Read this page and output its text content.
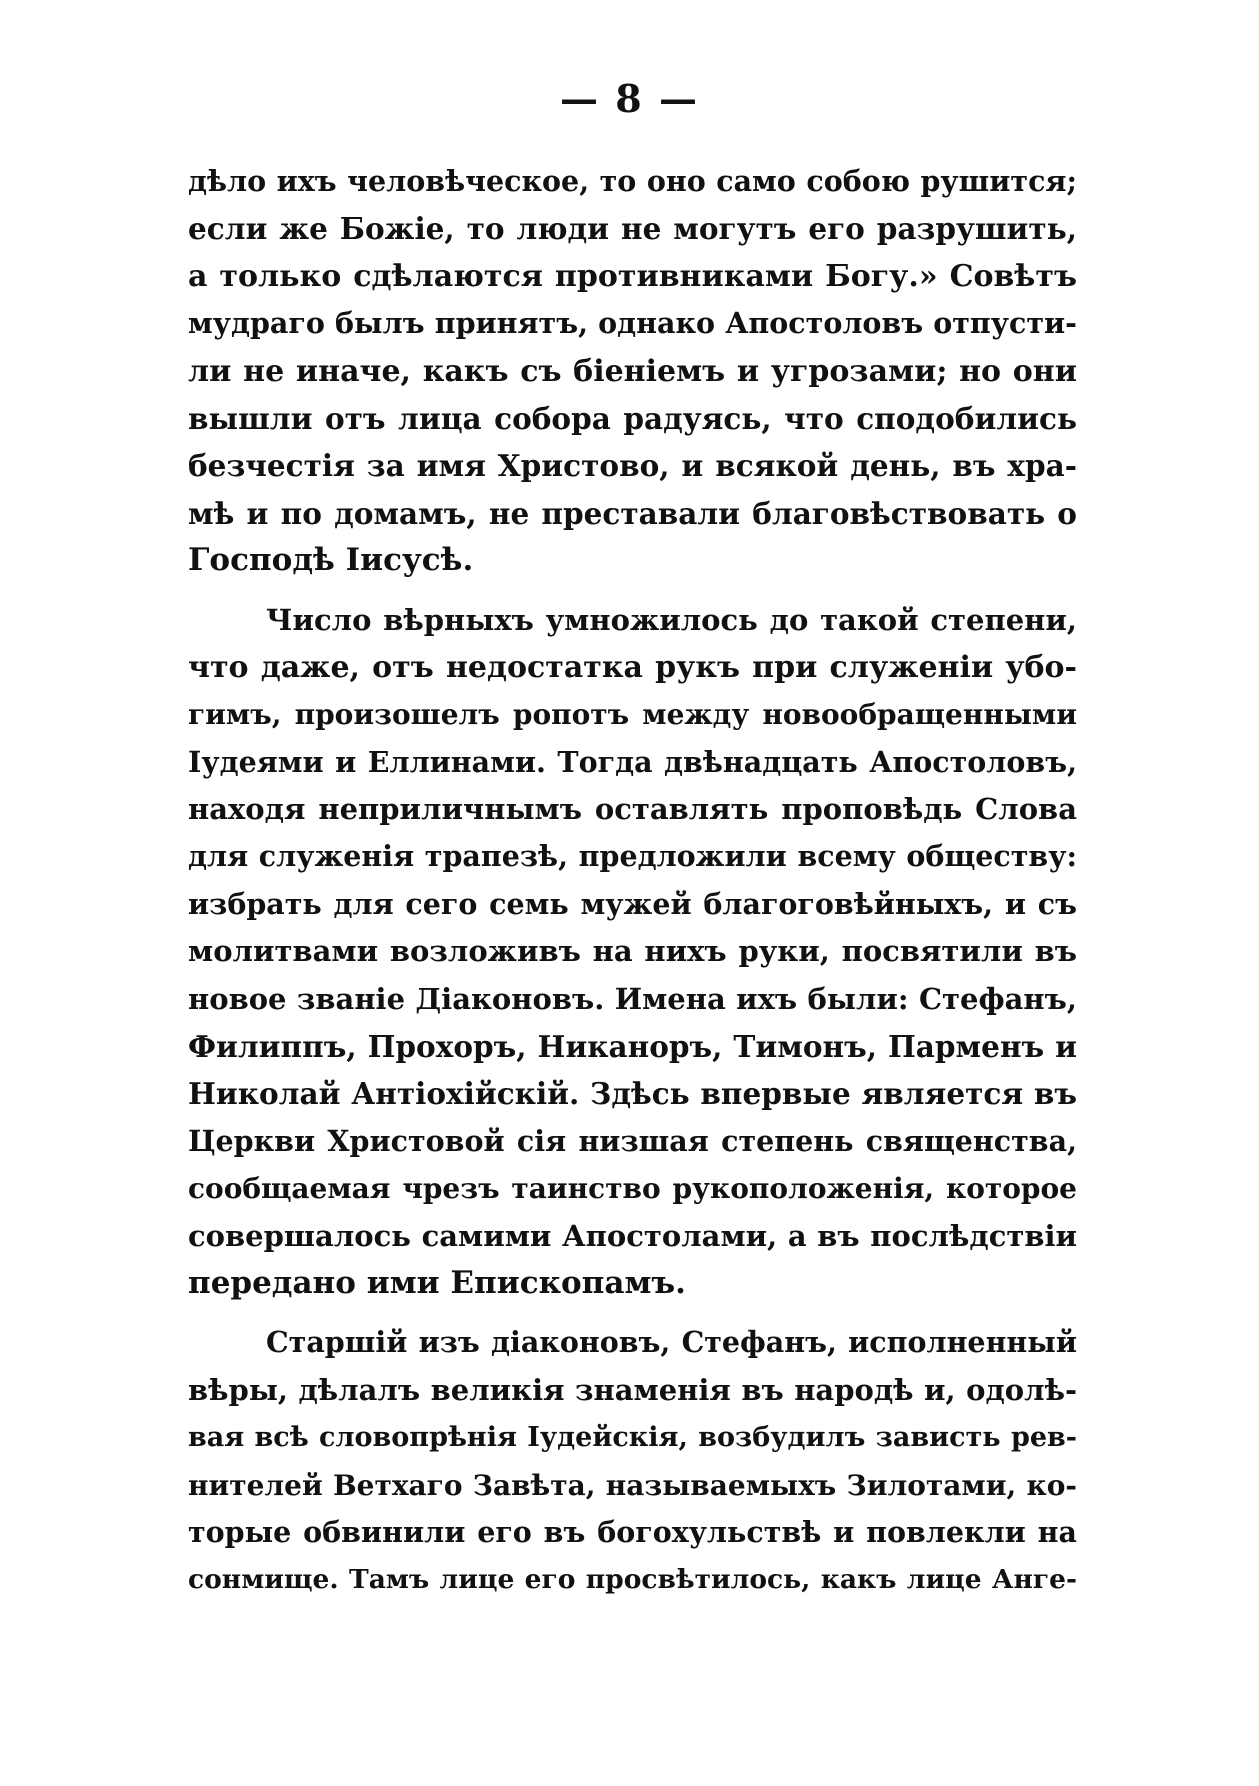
— 8 —
дѣло ихъ человѣческое, то оно само собою рушится;
если же Божіе, то люди не могутъ его разрушить,
а только сдѣлаются противниками Богу.» Совѣтъ
мудраго былъ принятъ, однако Апостоловъ отпусти-
ли не иначе, какъ съ біеніемъ и угрозами; но они
вышли отъ лица собора радуясь, что сподобились
безчестія за имя Христово, и всякой день, въ хра-
мѣ и по домамъ, не преставали благовѣствовать о
Господѣ Іисусѣ.
Число вѣрныхъ умножилось до такой степени,
что даже, отъ недостатка рукъ при служеніи убо-
гимъ, произошелъ ропотъ между новообращенными
Іудеями и Еллинами. Тогда двѣнадцать Апостоловъ,
находя неприличнымъ оставлять проповѣдь Слова
для служенія трапезѣ, предложили всему обществу:
избрать для сего семь мужей благоговѣйныхъ, и съ
молитвами возложивъ на нихъ руки, посвятили въ
новое званіе Діаконовъ. Имена ихъ были: Стефанъ,
Филиппъ, Прохоръ, Никаноръ, Тимонъ, Парменъ и
Николай Антіохійскій. Здѣсь впервые является въ
Церкви Христовой сія низшая степень священства,
сообщаемая чрезъ таинство рукоположенія, которое
совершалось самими Апостолами, а въ послѣдствіи
передано ими Епископамъ.
Старшій изъ діаконовъ, Стефанъ, исполненный
вѣры, дѣлалъ великія знаменія въ народѣ и, одолѣ-
вая всѣ словопрѣнія Іудейскія, возбудилъ зависть рев-
нителей Ветхаго Завѣта, называемыхъ Зилотами, ко-
торые обвинили его въ богохульствѣ и повлекли на
сонмище. Тамъ лице его просвѣтилось, какъ лице Анге-
